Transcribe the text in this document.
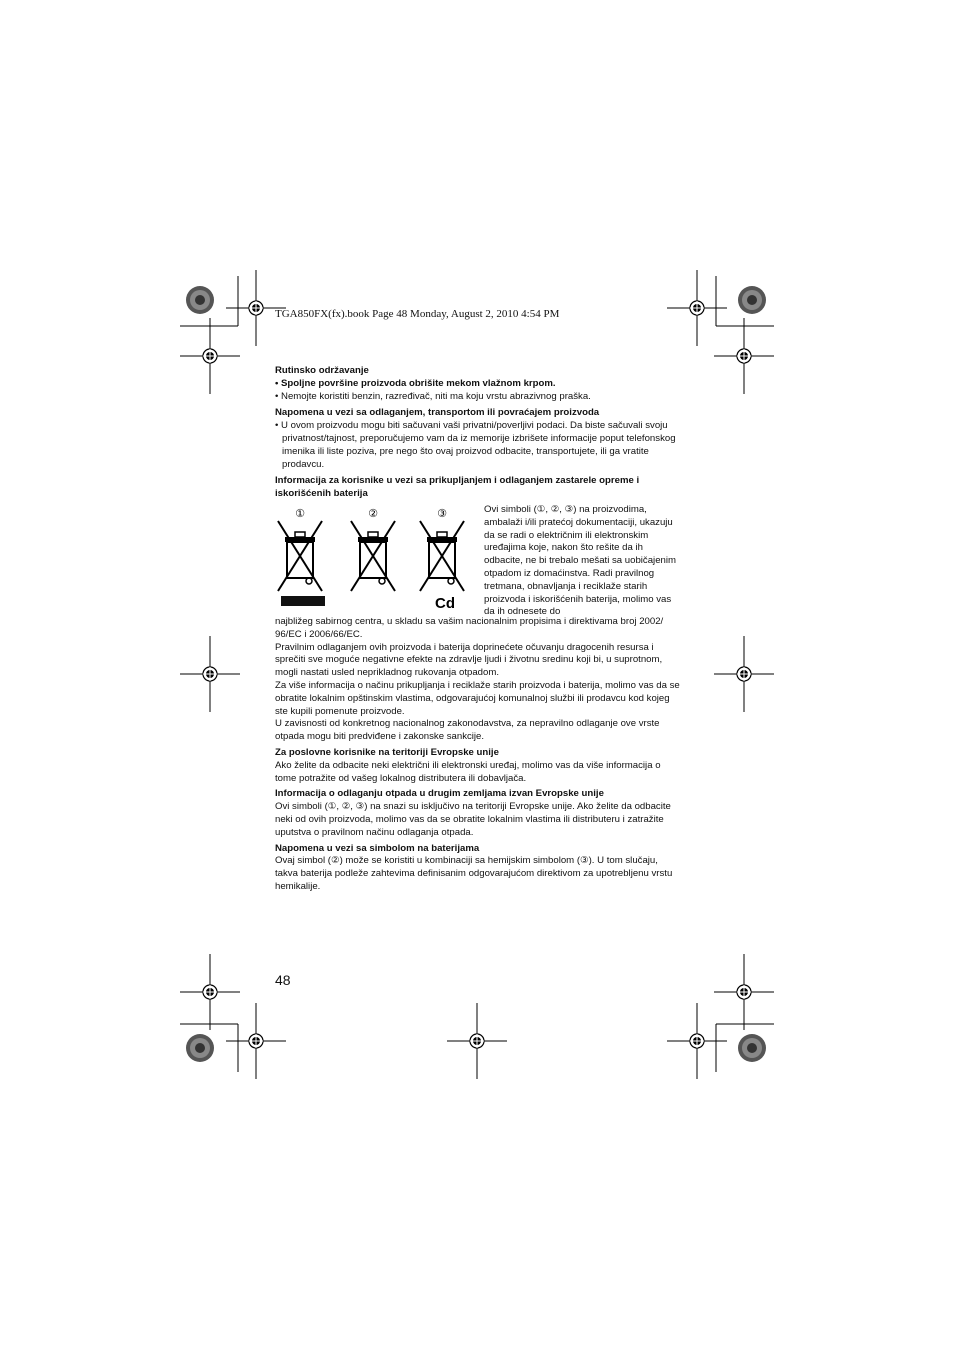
TGA850FX(fx).book Page 48 Monday, August 2, 2010 4:54 PM
Rutinsko održavanje
• Spoljne površine proizvoda obrišite mekom vlažnom krpom.
• Nemojte koristiti benzin, razređivač, niti ma koju vrstu abrazivnog praška.
Napomena u vezi sa odlaganjem, transportom ili povraćajem proizvoda
• U ovom proizvodu mogu biti sačuvani vaši privatni/poverljivi podaci. Da biste sačuvali svoju privatnost/tajnost, preporučujemo vam da iz memorije izbrišete informacije poput telefonskog imenika ili liste poziva, pre nego što ovaj proizvod odbacite, transportujete, ili ga vratite prodavcu.
Informacija za korisnike u vezi sa prikupljanjem i odlaganjem zastarele opreme i iskorišćenih baterija
①	②	③
Cd
Ovi simboli (①, ②, ③) na proizvodima, ambalaži i/ili pratećoj dokumentaciji, ukazuju da se radi o električnim ili elektronskim uređajima koje, nakon što rešite da ih odbacite, ne bi trebalo mešati sa uobičajenim otpadom iz domaćinstva. Radi pravilnog tretmana, obnavljanja i reciklaže starih proizvoda i iskorišćenih baterija, molimo vas da ih odnesete do
najbližeg sabirnog centra, u skladu sa vašim nacionalnim propisima i direktivama broj 2002/ 96/EC i 2006/66/EC.
Pravilnim odlaganjem ovih proizvoda i baterija doprinećete očuvanju dragocenih resursa i sprečiti sve moguće negativne efekte na zdravlje ljudi i životnu sredinu koji bi, u suprotnom, mogli nastati usled neprikladnog rukovanja otpadom.
Za više informacija o načinu prikupljanja i reciklaže starih proizvoda i baterija, molimo vas da se obratite lokalnim opštinskim vlastima, odgovarajućoj komunalnoj službi ili prodavcu kod kojeg ste kupili pomenute proizvode.
U zavisnosti od konkretnog nacionalnog zakonodavstva, za nepravilno odlaganje ove vrste otpada mogu biti predviđene i zakonske sankcije.
Za poslovne korisnike na teritoriji Evropske unije
Ako želite da odbacite neki električni ili elektronski uređaj, molimo vas da više informacija o tome potražite od vašeg lokalnog distributera ili dobavljača.
Informacija o odlaganju otpada u drugim zemljama izvan Evropske unije
Ovi simboli (①, ②, ③) na snazi su isključivo na teritoriji Evropske unije. Ako želite da odbacite neki od ovih proizvoda, molimo vas da se obratite lokalnim vlastima ili distributeru i zatražite uputstva o pravilnom načinu odlaganja otpada.
Napomena u vezi sa simbolom na baterijama
Ovaj simbol (②) može se koristiti u kombinaciji sa hemijskim simbolom (③). U tom slučaju, takva baterija podleže zahtevima definisanim odgovarajućom direktivom za upotrebljenu vrstu hemikalije.
48
